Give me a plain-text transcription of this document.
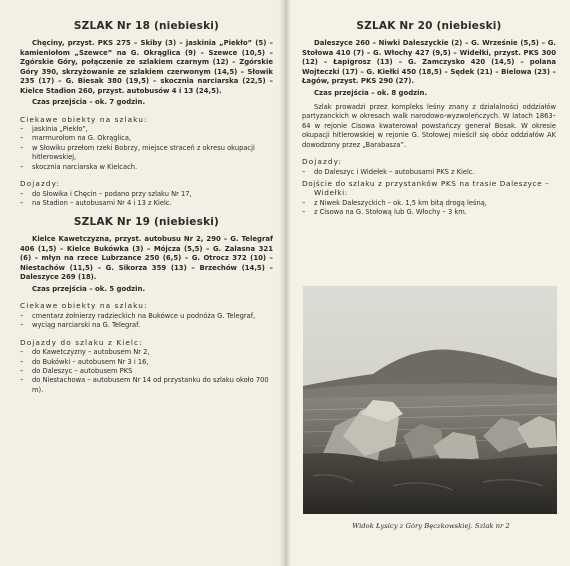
SZLAK Nr 18 (niebieski)

Chęciny, przyst. PKS 275 – Skiby (3) – jaskinia „Piekło” (5) – kamieniołom „Szewce” na G. Okrąglica (9) – Szewce (10,5) – Zgórskie Góry, połączenie ze szlakiem czarnym (12) – Zgórskie Góry 390, skrzyżowanie ze szlakiem czerwonym (14,5) – Słowik 235 (17) – G. Biesak 380 (19,5) – skocznia narciarska (22,5) – Kielce Stadion 260, przyst. autobusów 4 i 13 (24,5).

Czas przejścia – ok. 7 godzin.

Ciekawe obiekty na szlaku:
– jaskinia „Piekło”,
– marmurołom na G. Okrąglica,
– w Słowiku przełom rzeki Bobrzy, miejsce straceń z okresu okupacji hitlerowskiej,
– skocznia narciarska w Kielcach.
Dojazdy:
– do Słowika i Chęcin – podano przy szlaku Nr 17,
– na Stadion – autobusami Nr 4 i 13 z Kielc.
SZLAK Nr 19 (niebieski)

Kielce Kawetczyzna, przyst. autobusu Nr 2, 290 – G. Telegraf 406 (1,5) – Kielce Bukówka (3) – Mójcza (5,5) – G. Zalasna 321 (6) – młyn na rzece Lubrzance 250 (6,5) – G. Otrocz 372 (10) – Niestachów (11,5) – G. Sikorza 359 (13) – Brzechów (14,5) – Daleszyce 269 (18).

Czas przejścia – ok. 5 godzin.

Ciekawe obiekty na szlaku:
– cmentarz żołnierzy radzieckich na Bukówce u podnóża G. Telegraf,
– wyciąg narciarski na G. Telegraf.
Dojazdy do szlaku z Kielc:
– do Kawetczyzny – autobusem Nr 2,
– do Bukówki – autobusem Nr 3 i 16,
– do Daleszyc – autobusem PKS
– do Niestachowa – autobusem Nr 14 od przystanku do szlaku około 700 m).
SZLAK Nr 20 (niebieski)

Daleszyce 260 – Niwki Daleszyckie (2) – G. Wrześnie (5,5) – G. Stołowa 410 (7) – G. Włochy 427 (9,5) – Widełki, przyst. PKS 300 (12) – Łapigrosz (13) – G. Zamczysko 420 (14,5) – polana Wojteczki (17) – G. Kiełki 450 (18,5) – Sędek (21) – Bielowa (23) – Łagów, przyst. PKS 290 (27).

Czas przejścia – ok. 8 godzin.

Szlak prowadzi przez kompleks leśny znany z działalności oddziałów partyzanckich w okresach walk narodowo-wyzwoleńczych. W latach 1863–64 w rejonie Cisowa kwaterował powstańczy generał Bosak. W okresie okupacji hitlerowskiej w rejonie G. Stołowej mieścił się obóz oddziałów AK dowodzony przez „Barabasza”.

Dojazdy:
– do Daleszyc i Widełek – autobusami PKS z Kielc.
Dojście do szlaku z przystanków PKS na trasie Daleszyce – Widełki:
– z Niwek Daleszyckich – ok. 1,5 km bitą drogą leśną,
– z Cisowa na G. Stołową lub G. Włochy – 3 km.
Widok Łysicy z Góry Bęczkowskiej. Szlak nr 2
